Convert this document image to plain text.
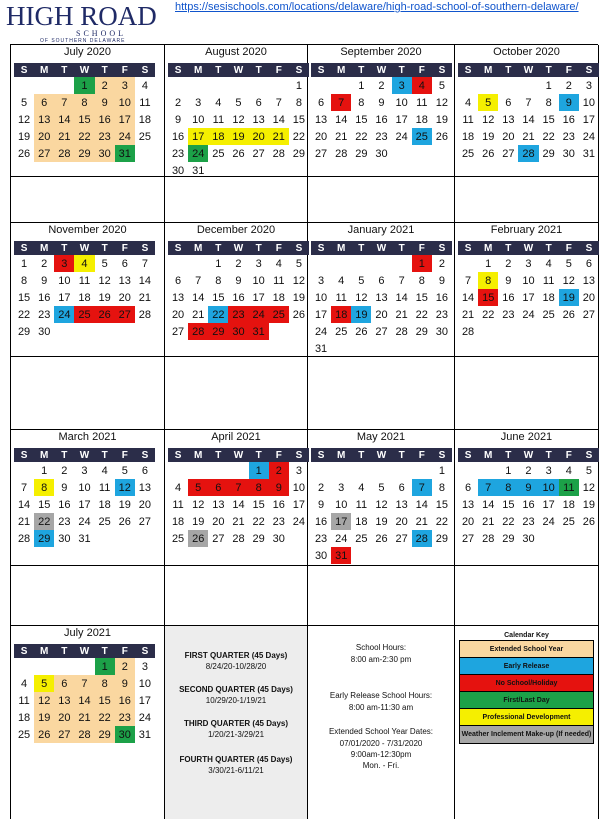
HIGH ROAD
SCHOOL
OF SOUTHERN DELAWARE
https://sesischools.com/locations/delaware/high-road-school-of-southern-delaware/
July 2020
S	M	T	W	T	F	S
			1	2	3	4
5	6	7	8	9	10	11
12	13	14	15	16	17	18
19	20	21	22	23	24	25
26	27	28	29	30	31	
August 2020
S	M	T	W	T	F	S
						1
2	3	4	5	6	7	8
9	10	11	12	13	14	15
16	17	18	19	20	21	22
23	24	25	26	27	28	29
30	31					
September 2020
S	M	T	W	T	F	S
		1	2	3	4	5
6	7	8	9	10	11	12
13	14	15	16	17	18	19
20	21	22	23	24	25	26
27	28	29	30			
October 2020
S	M	T	W	T	F	S
				1	2	3
4	5	6	7	8	9	10
11	12	13	14	15	16	17
18	19	20	21	22	23	24
25	26	27	28	29	30	31
November 2020
S	M	T	W	T	F	S
1	2	3	4	5	6	7
8	9	10	11	12	13	14
15	16	17	18	19	20	21
22	23	24	25	26	27	28
29	30					
December 2020
S	M	T	W	T	F	S
		1	2	3	4	5
6	7	8	9	10	11	12
13	14	15	16	17	18	19
20	21	22	23	24	25	26
27	28	29	30	31		
January 2021
S	M	T	W	T	F	S
					1	2
3	4	5	6	7	8	9
10	11	12	13	14	15	16
17	18	19	20	21	22	23
24	25	26	27	28	29	30
31						
February 2021
S	M	T	W	T	F	S
	1	2	3	4	5	6
7	8	9	10	11	12	13
14	15	16	17	18	19	20
21	22	23	24	25	26	27
28						
March 2021
S	M	T	W	T	F	S
	1	2	3	4	5	6
7	8	9	10	11	12	13
14	15	16	17	18	19	20
21	22	23	24	25	26	27
28	29	30	31			
April 2021
S	M	T	W	T	F	S
				1	2	3
4	5	6	7	8	9	10
11	12	13	14	15	16	17
18	19	20	21	22	23	24
25	26	27	28	29	30	
May 2021
S	M	T	W	T	F	S
						1
2	3	4	5	6	7	8
9	10	11	12	13	14	15
16	17	18	19	20	21	22
23	24	25	26	27	28	29
30	31					
June 2021
S	M	T	W	T	F	S
		1	2	3	4	5
6	7	8	9	10	11	12
13	14	15	16	17	18	19
20	21	22	23	24	25	26
27	28	29	30			
July 2021
S	M	T	W	T	F	S
				1	2	3
4	5	6	7	8	9	10
11	12	13	14	15	16	17
18	19	20	21	22	23	24
25	26	27	28	29	30	31
FIRST QUARTER (45 Days)
8/24/20-10/28/20
SECOND QUARTER (45 Days)
10/29/20-1/19/21
THIRD QUARTER (45 Days)
1/20/21-3/29/21
FOURTH QUARTER (45 Days)
3/30/21-6/11/21
School Hours:
8:00 am-2:30 pm
Early Release School Hours:
8:00 am-11:30 am
Extended School Year Dates:
07/01/2020 - 7/31/2020
9:00am-12:30pm
Mon. - Fri.
Calendar Key
Extended School Year
Early Release
No School/Holiday
First/Last Day
Professional Development
Weather Inclement Make-up (If needed)
